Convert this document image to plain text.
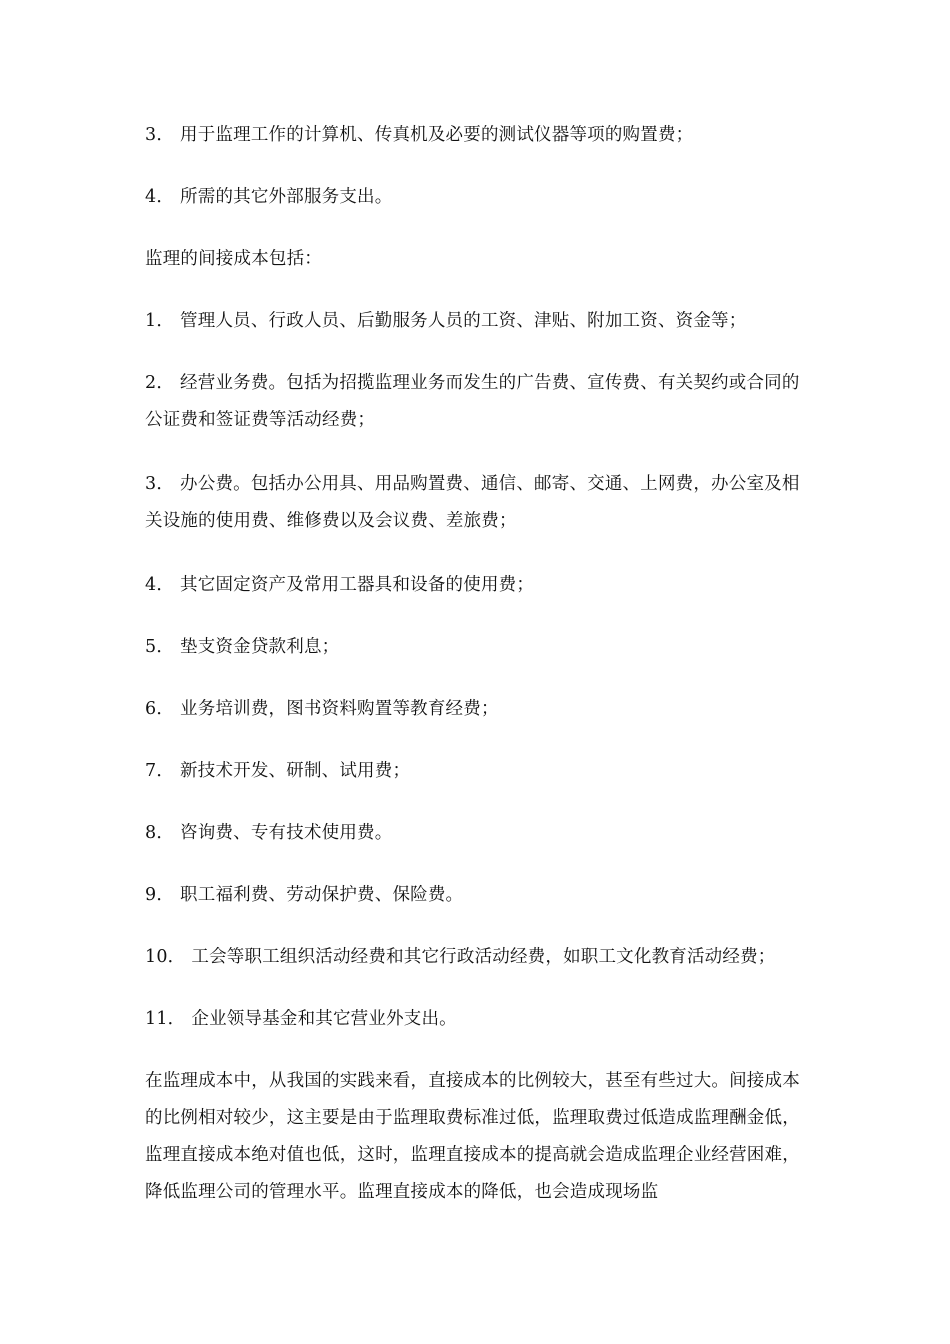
3． 用于监理工作的计算机、传真机及必要的测试仪器等项的购置费；

4． 所需的其它外部服务支出。

监理的间接成本包括：

1． 管理人员、行政人员、后勤服务人员的工资、津贴、附加工资、资金等；

2． 经营业务费。包括为招揽监理业务而发生的广告费、宣传费、有关契约或合同的公证费和签证费等活动经费；

3． 办公费。包括办公用具、用品购置费、通信、邮寄、交通、上网费，办公室及相关设施的使用费、维修费以及会议费、差旅费；

4． 其它固定资产及常用工器具和设备的使用费；

5． 垫支资金贷款利息；

6． 业务培训费，图书资料购置等教育经费；

7． 新技术开发、研制、试用费；

8． 咨询费、专有技术使用费。

9． 职工福利费、劳动保护费、保险费。

10． 工会等职工组织活动经费和其它行政活动经费，如职工文化教育活动经费；

11． 企业领导基金和其它营业外支出。

在监理成本中，从我国的实践来看，直接成本的比例较大，甚至有些过大。间接成本的比例相对较少，这主要是由于监理取费标准过低，监理取费过低造成监理酬金低，监理直接成本绝对值也低，这时，监理直接成本的提高就会造成监理企业经营困难，降低监理公司的管理水平。监理直接成本的降低，也会造成现场监
